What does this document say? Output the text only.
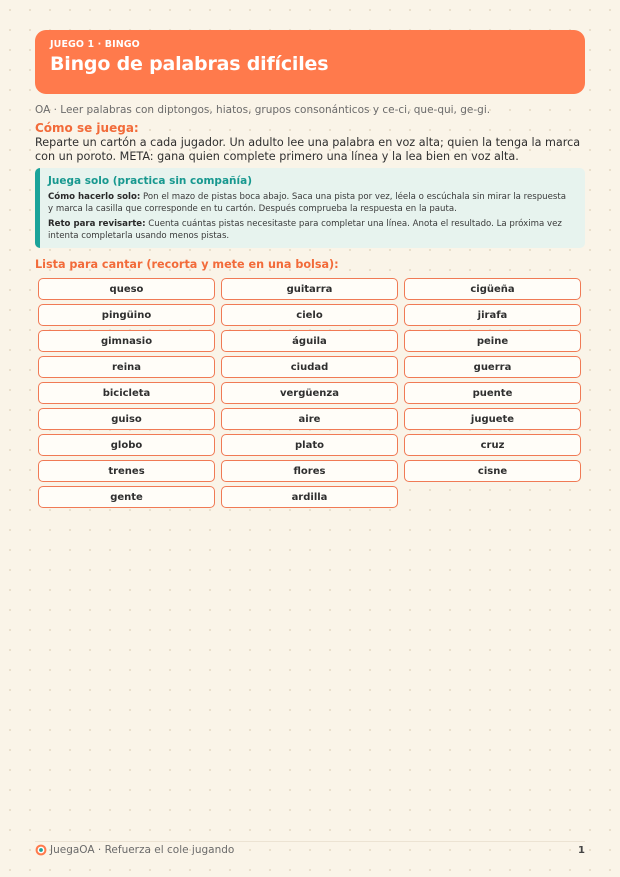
JUEGO 1 · BINGO
Bingo de palabras difíciles
OA · Leer palabras con diptongos, hiatos, grupos consonánticos y ce-ci, que-qui, ge-gi.
Cómo se juega:
Reparte un cartón a cada jugador. Un adulto lee una palabra en voz alta; quien la tenga la marca con un poroto. META: gana quien complete primero una línea y la lea bien en voz alta.
Juega solo (practica sin compañía)
Cómo hacerlo solo: Pon el mazo de pistas boca abajo. Saca una pista por vez, léela o escúchala sin mirar la respuesta y marca la casilla que corresponde en tu cartón. Después comprueba la respuesta en la pauta.
Reto para revisarte: Cuenta cuántas pistas necesitaste para completar una línea. Anota el resultado. La próxima vez intenta completarla usando menos pistas.
Lista para cantar (recorta y mete en una bolsa):
queso	guitarra	cigüeña
pingüino	cielo	jirafa
gimnasio	águila	peine
reina	ciudad	guerra
bicicleta	vergüenza	puente
guiso	aire	juguete
globo	plato	cruz
trenes	flores	cisne
gente	ardilla
JuegaOA · Refuerza el cole jugando	1
